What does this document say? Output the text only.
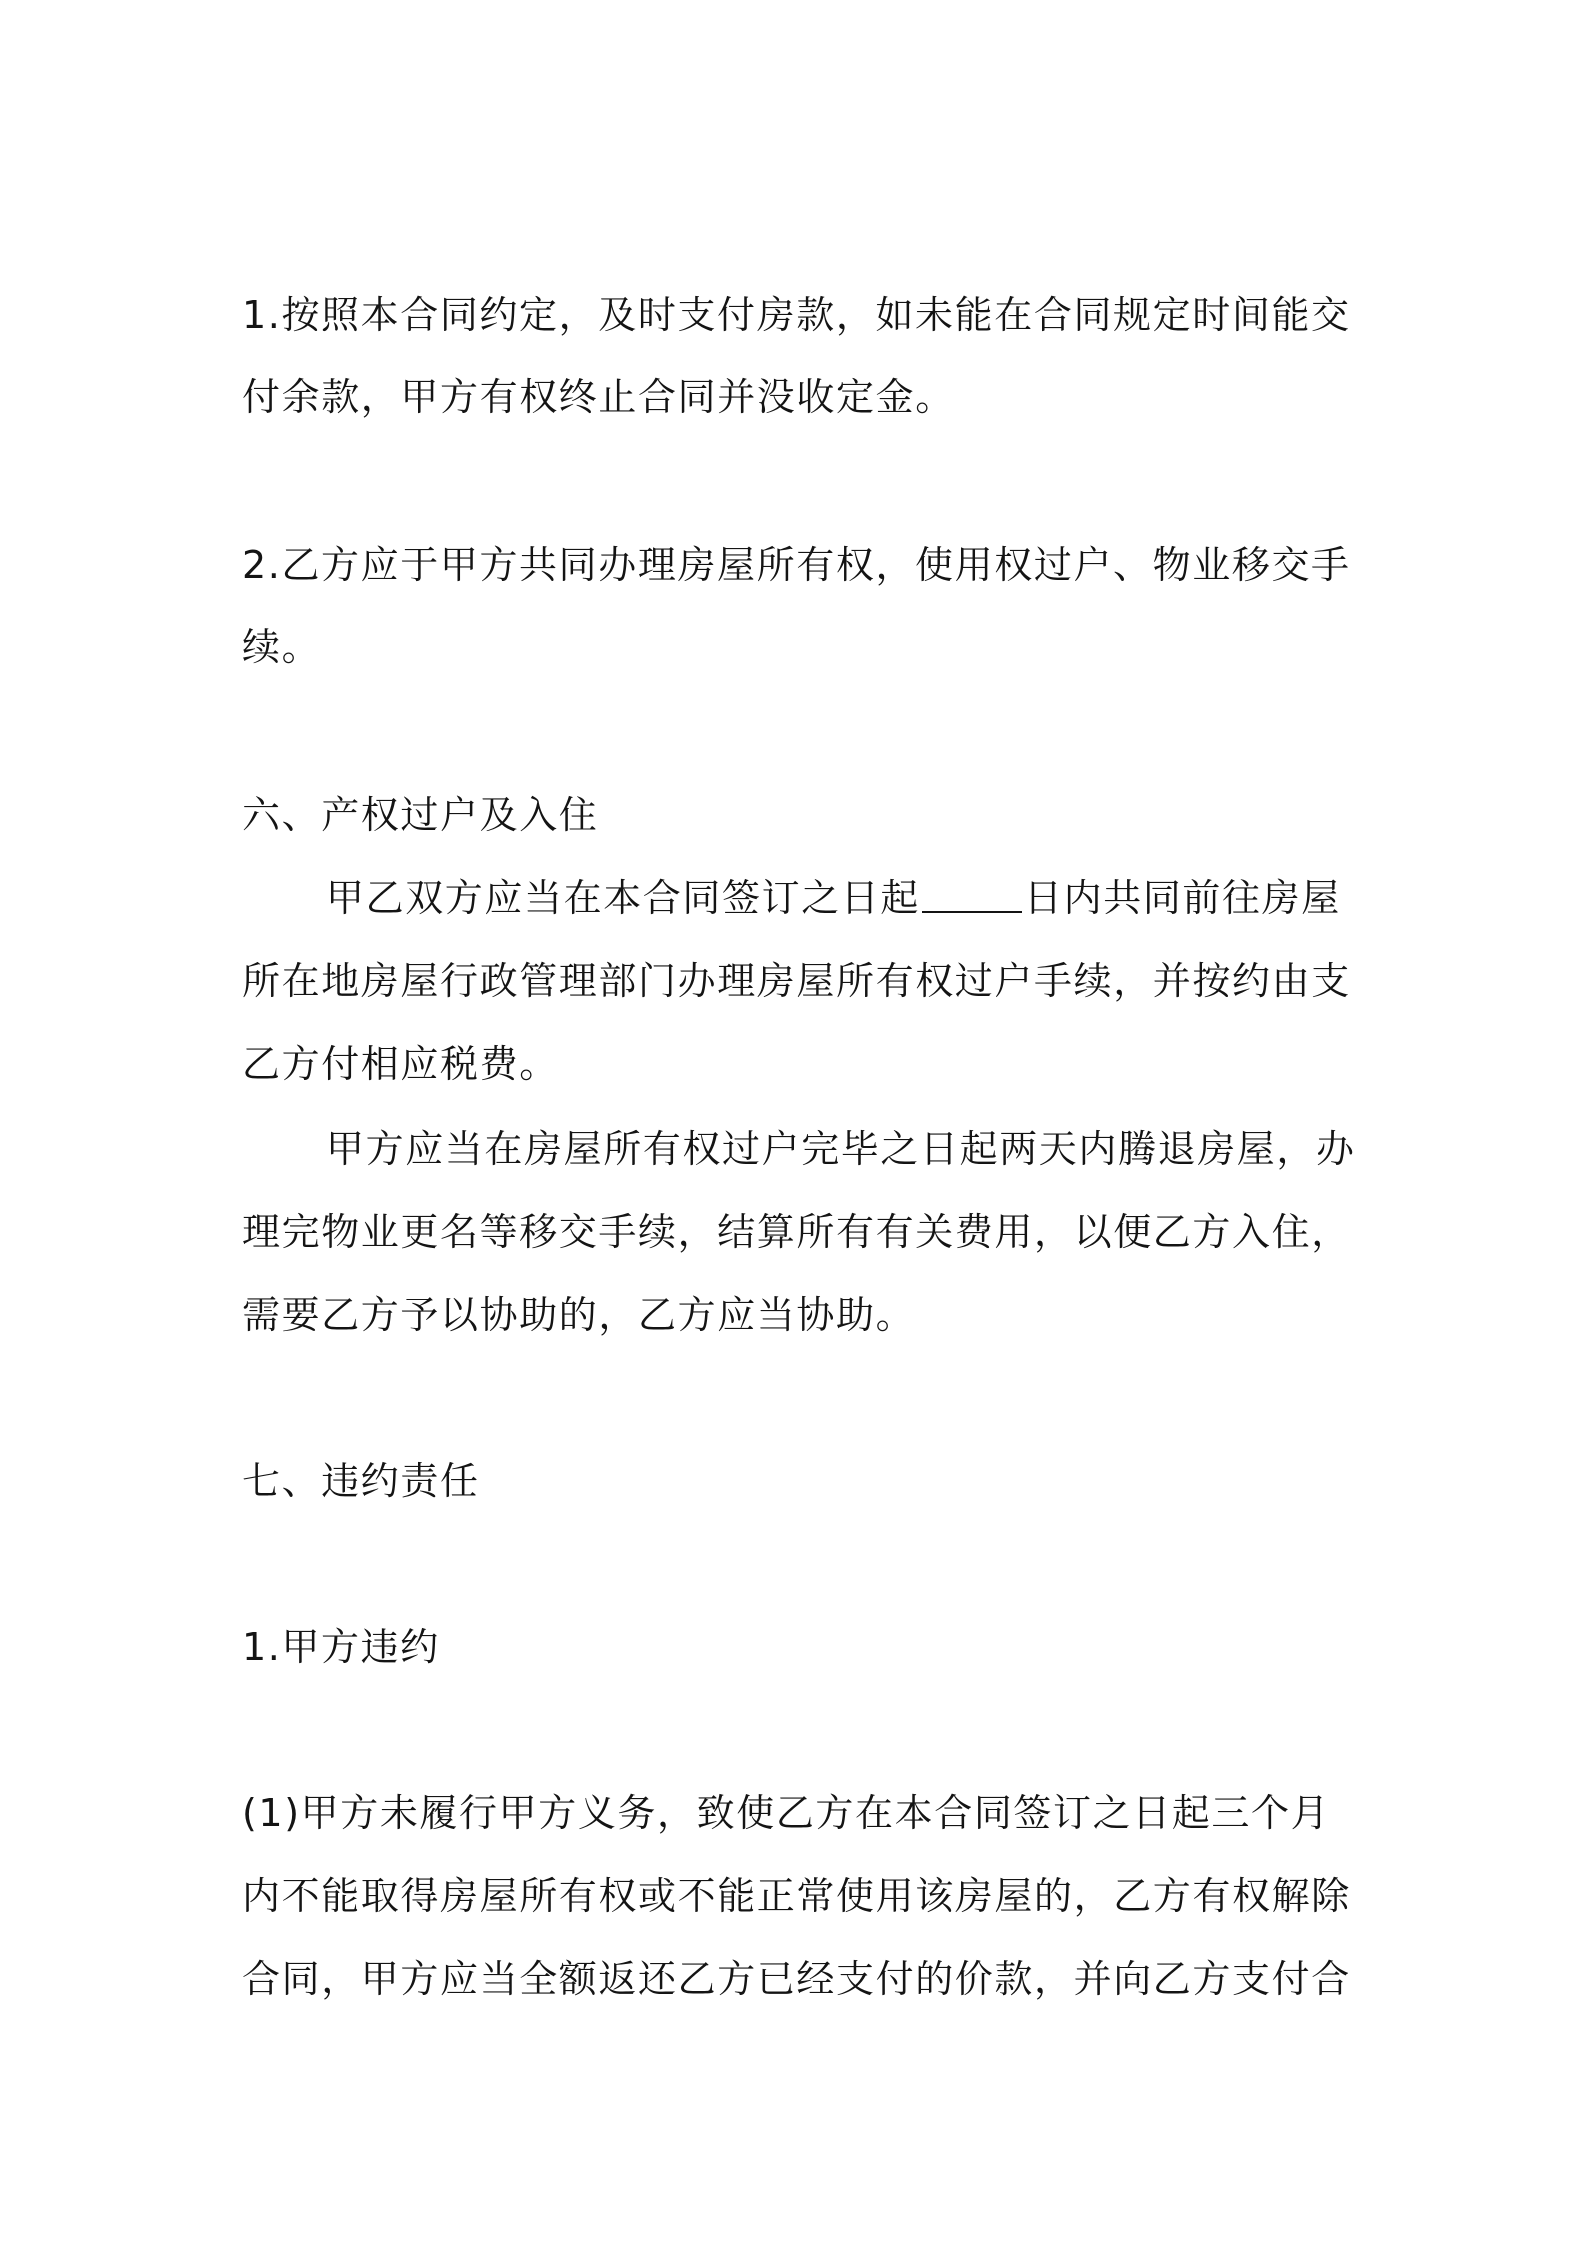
1.按照本合同约定，及时支付房款，如未能在合同规定时间能交
付余款，甲方有权终止合同并没收定金。
2.乙方应于甲方共同办理房屋所有权，使用权过户、物业移交手
续。
六、产权过户及入住
甲乙双方应当在本合同签订之日起	日内共同前往房屋
所在地房屋行政管理部门办理房屋所有权过户手续，并按约由支
乙方付相应税费。
甲方应当在房屋所有权过户完毕之日起两天内腾退房屋，办
理完物业更名等移交手续，结算所有有关费用，以便乙方入住，
需要乙方予以协助的，乙方应当协助。
七、违约责任
1.甲方违约
(1)甲方未履行甲方义务，致使乙方在本合同签订之日起三个月
内不能取得房屋所有权或不能正常使用该房屋的，乙方有权解除
合同，甲方应当全额返还乙方已经支付的价款，并向乙方支付合
